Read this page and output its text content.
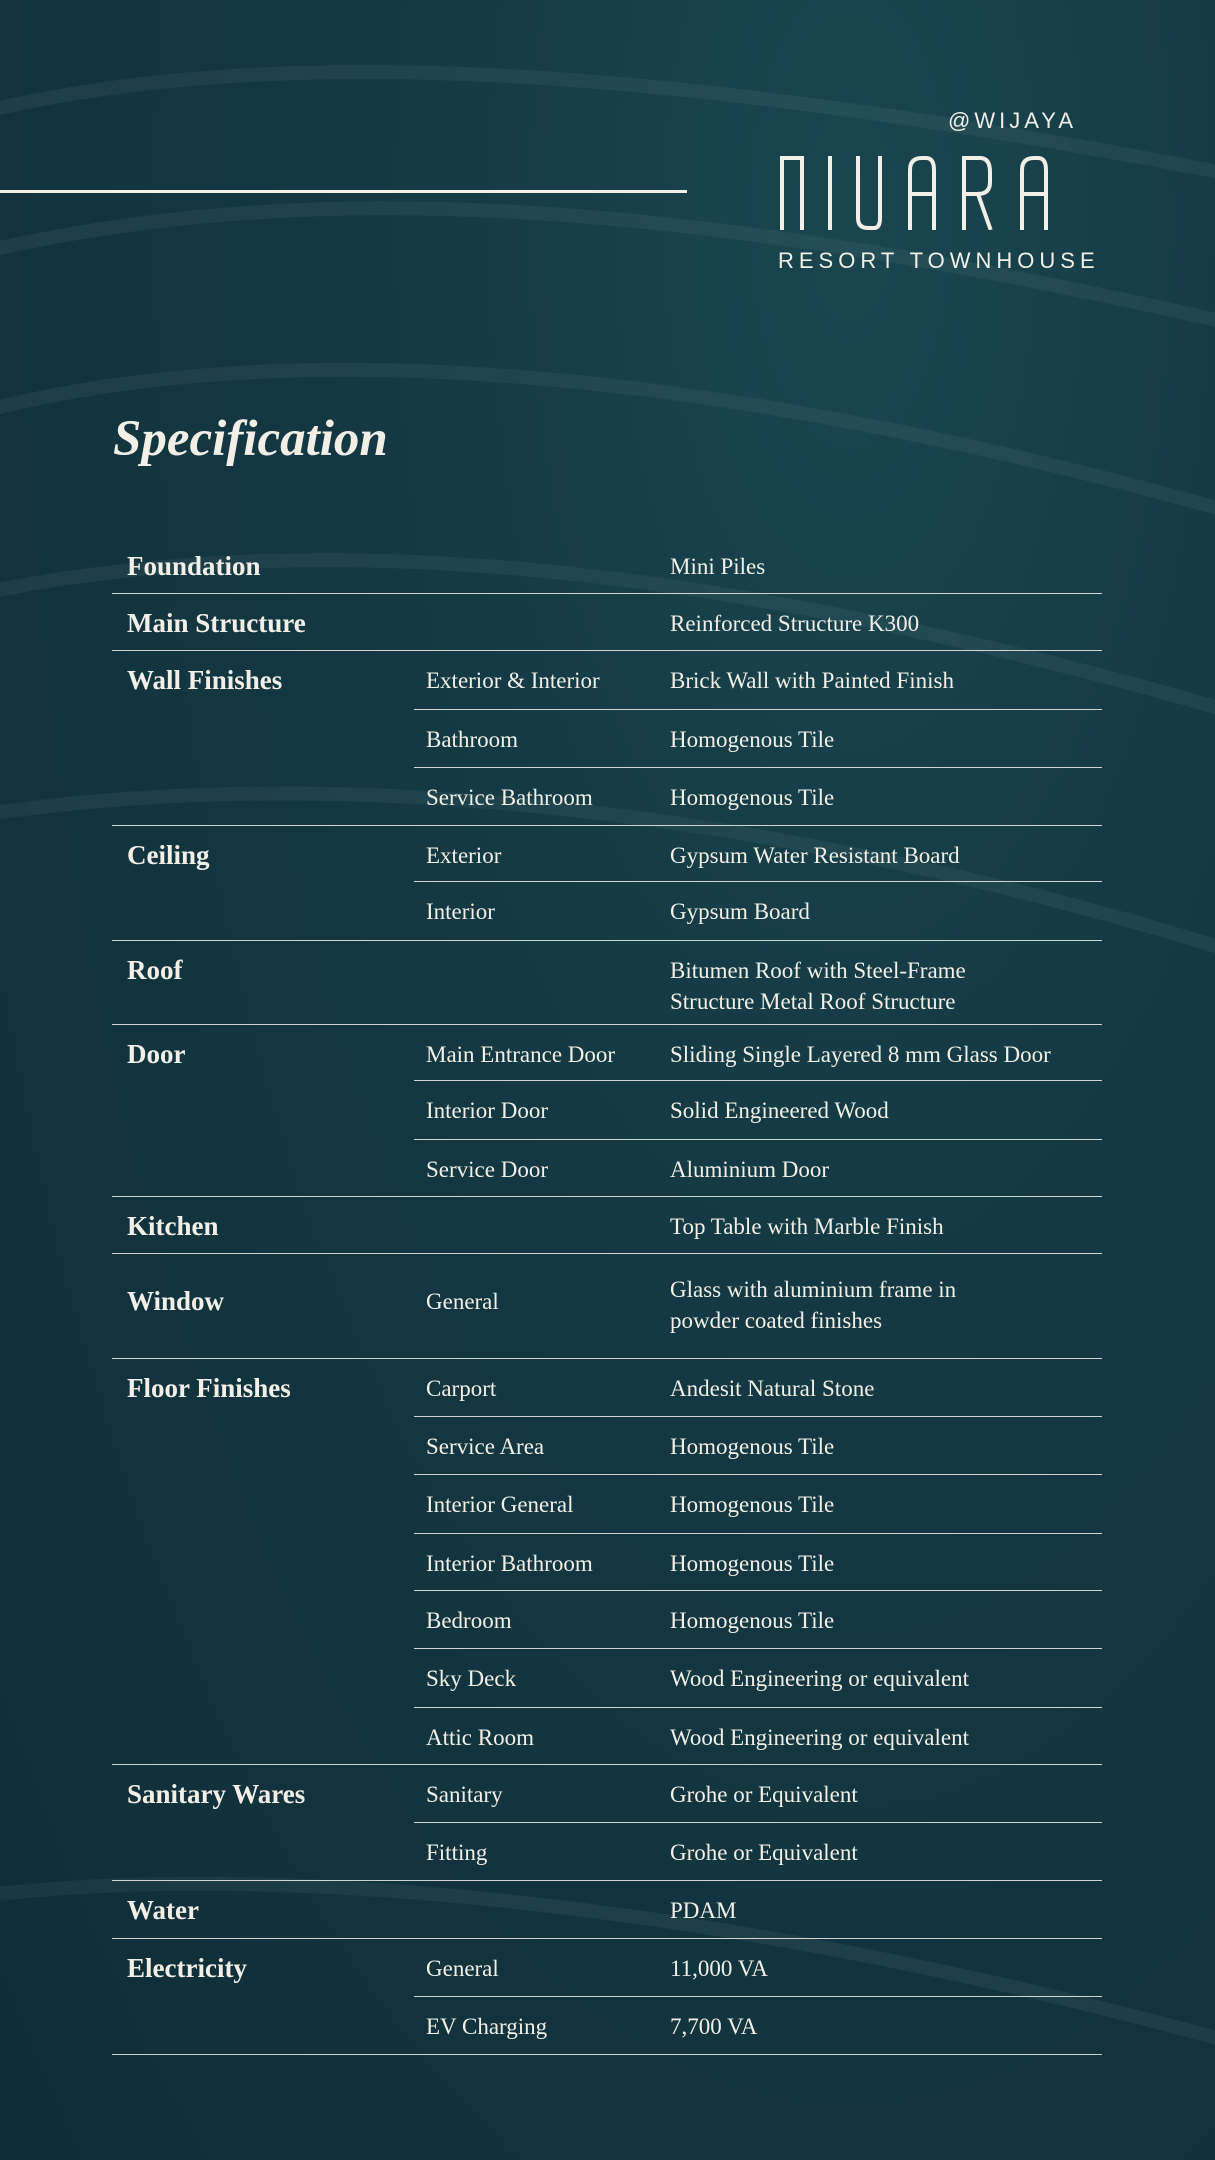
@WIJAYA
RESORT TOWNHOUSE
Specification
Foundation		Mini Piles

Main Structure		Reinforced Structure K300

Wall Finishes	Exterior & Interior	Brick Wall with Painted Finish

	Bathroom	Homogenous Tile

	Service Bathroom	Homogenous Tile

Ceiling	Exterior	Gypsum Water Resistant Board

	Interior	Gypsum Board

Roof		Bitumen Roof with Steel-Frame
Structure Metal Roof Structure

Door	Main Entrance Door	Sliding Single Layered 8 mm Glass Door

	Interior Door	Solid Engineered Wood

	Service Door	Aluminium Door

Kitchen		Top Table with Marble Finish

Window	General	Glass with aluminium frame in
powder coated finishes

Floor Finishes	Carport	Andesit Natural Stone

	Service Area	Homogenous Tile

	Interior General	Homogenous Tile

	Interior Bathroom	Homogenous Tile

	Bedroom	Homogenous Tile

	Sky Deck	Wood Engineering or equivalent

	Attic Room	Wood Engineering or equivalent

Sanitary Wares	Sanitary	Grohe or Equivalent

	Fitting	Grohe or Equivalent

Water		PDAM

Electricity	General	11,000 VA

	EV Charging	7,700 VA
